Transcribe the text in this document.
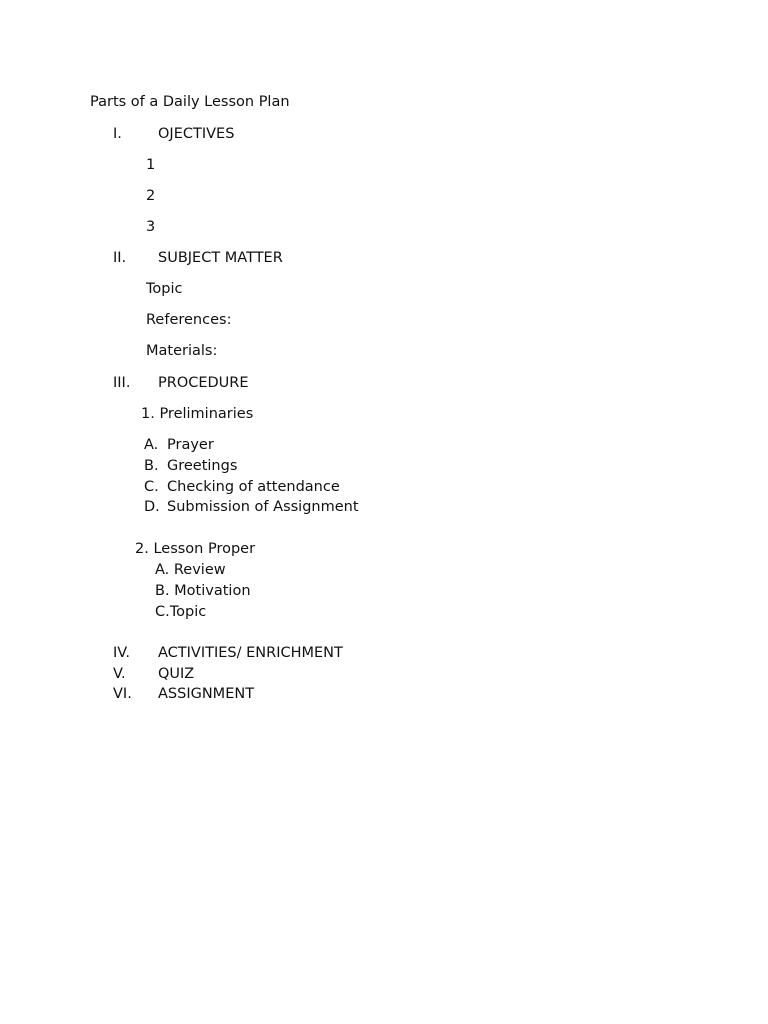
Parts of a Daily Lesson Plan
I. OJECTIVES
1
2
3
II. SUBJECT MATTER
Topic
References:
Materials:
III. PROCEDURE
1. Preliminaries
A. Prayer
B. Greetings
C. Checking of attendance
D. Submission of Assignment
2. Lesson Proper
A. Review
B. Motivation
C.Topic
IV. ACTIVITIES/ ENRICHMENT
V. QUIZ
VI. ASSIGNMENT
